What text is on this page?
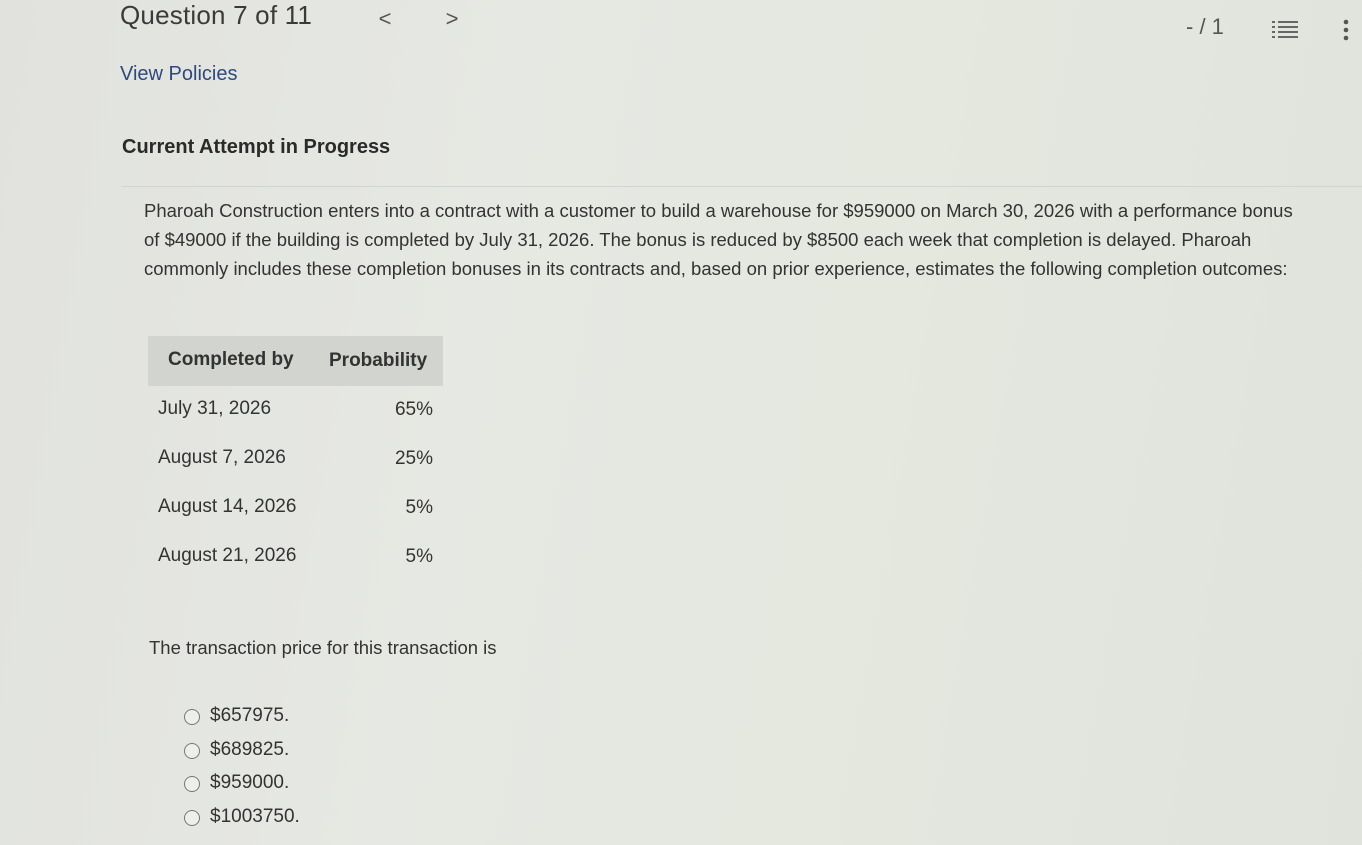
Question 7 of 11	< >	- / 1
View Policies
Current Attempt in Progress
Pharoah Construction enters into a contract with a customer to build a warehouse for $959000 on March 30, 2026 with a performance bonus of $49000 if the building is completed by July 31, 2026. The bonus is reduced by $8500 each week that completion is delayed. Pharoah commonly includes these completion bonuses in its contracts and, based on prior experience, estimates the following completion outcomes:
Completed by Probability
July 31, 2026	65%
August 7, 2026	25%
August 14, 2026	5%
August 21, 2026	5%
The transaction price for this transaction is
$657975.
$689825.
$959000.
$1003750.
